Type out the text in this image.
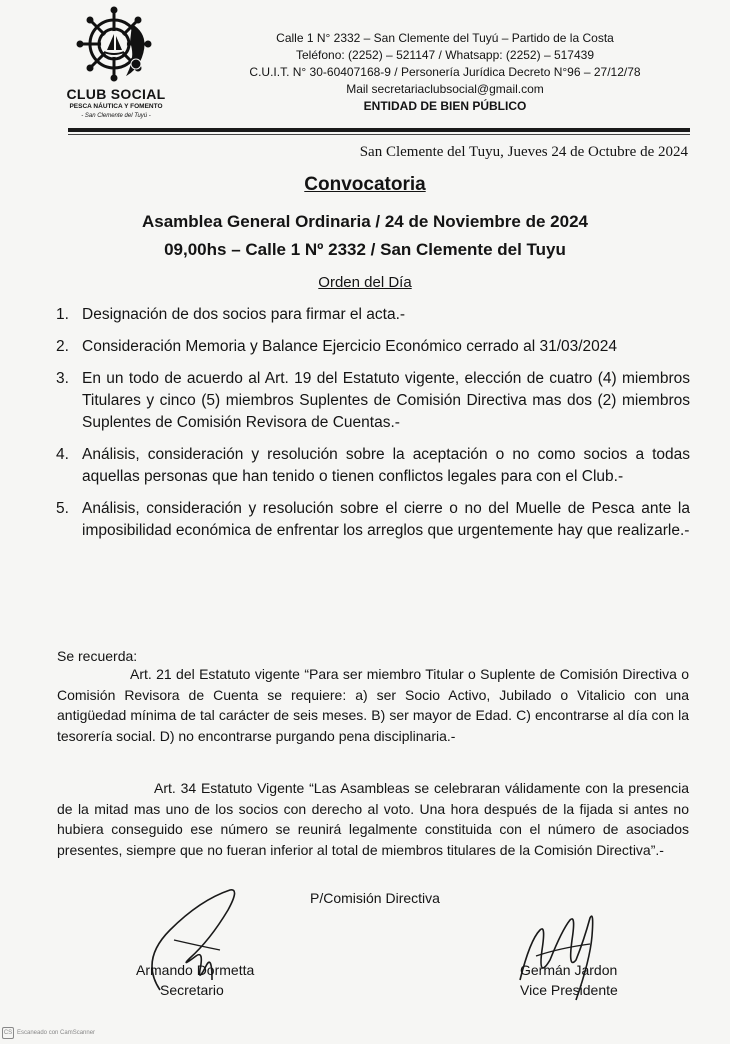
CLUB SOCIAL
PESCA NÁUTICA Y FOMENTO
- San Clemente del Tuyú -
Calle 1 N° 2332 – San Clemente del Tuyú – Partido de la Costa
Teléfono: (2252) – 521147 / Whatsapp: (2252) – 517439
C.U.I.T. N° 30-60407168-9 / Personería Jurídica Decreto N°96 – 27/12/78
Mail secretariaclubsocial@gmail.com
ENTIDAD DE BIEN PÚBLICO
San Clemente del Tuyu, Jueves 24 de Octubre de 2024
Convocatoria
Asamblea General Ordinaria / 24 de Noviembre de 2024
09,00hs – Calle 1 Nº 2332 / San Clemente del Tuyu
Orden del Día
1. Designación de dos socios para firmar el acta.-
2. Consideración Memoria y Balance Ejercicio Económico cerrado al 31/03/2024
3. En un todo de acuerdo al Art. 19 del Estatuto vigente, elección de cuatro (4) miembros Titulares y cinco (5) miembros Suplentes de Comisión Directiva mas dos (2) miembros Suplentes de Comisión Revisora de Cuentas.-
4. Análisis, consideración y resolución sobre la aceptación o no como socios a todas aquellas personas que han tenido o tienen conflictos legales para con el Club.-
5. Análisis, consideración y resolución sobre el cierre o no del Muelle de Pesca ante la imposibilidad económica de enfrentar los arreglos que urgentemente hay que realizarle.-
Se recuerda:
Art. 21 del Estatuto vigente “Para ser miembro Titular o Suplente de Comisión Directiva o Comisión Revisora de Cuenta se requiere: a) ser Socio Activo, Jubilado o Vitalicio con una antigüedad mínima de tal carácter de seis meses. B) ser mayor de Edad. C) encontrarse al día con la tesorería social. D) no encontrarse purgando pena disciplinaria.-
Art. 34 Estatuto Vigente “Las Asambleas se celebraran válidamente con la presencia de la mitad mas uno de los socios con derecho al voto. Una hora después de la fijada si antes no hubiera conseguido ese número se reunirá legalmente constituida con el número de asociados presentes, siempre que no fueran inferior al total de miembros titulares de la Comisión Directiva”.-
P/Comisión Directiva
Armando Dormetta
Secretario
Germán Jardon
Vice Presidente
CS Escaneado con CamScanner
